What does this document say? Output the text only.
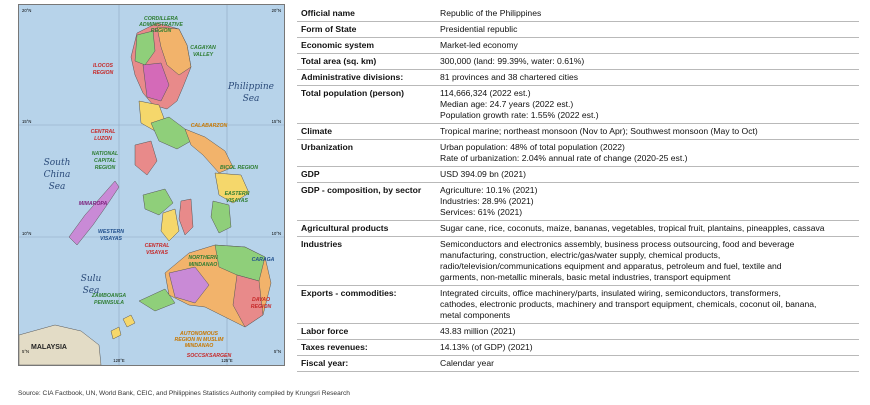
20°N	20°N
15°N	15°N
10°N	10°N
5°N	5°N
120°E	125°E
Philippine
Sea
South
China
Sea
Sulu
Sea
MALAYSIA
CORDILLERA
ADMINISTRATIVE
REGION
CAGAYAN
VALLEY
ILOCOS
REGION
CENTRAL
LUZON
NATIONAL
CAPITAL
REGION
CALABARZON
MIMAROPA
BICOL REGION
EASTERN
VISAYAS
WESTERN
VISAYAS
CENTRAL
VISAYAS
NORTHERN
MINDANAO
CARAGA
ZAMBOANGA
PENINSULA	DAVAO
REGION
AUTONOMOUS
REGION IN MUSLIM
MINDANAO
SOCCSKSARGEN
Official name	Republic of the Philippines

Form of State	Presidential republic

Economic system	Market-led economy

Total area (sq. km)	300,000 (land: 99.39%, water: 0.61%)

Administrative divisions:	81 provinces and 38 chartered cities

Total population (person)	114,666,324 (2022 est.)
Median age: 24.7 years (2022 est.)
Population growth rate: 1.55% (2022 est.)

Climate	Tropical marine; northeast monsoon (Nov to Apr); Southwest monsoon (May to Oct)

Urbanization	Urban population: 48% of total population (2022)
Rate of urbanization: 2.04% annual rate of change (2020-25 est.)

GDP	USD 394.09 bn (2021)

GDP - composition, by sector	Agriculture: 10.1% (2021)
Industries: 28.9% (2021)
Services: 61% (2021)

Agricultural products	Sugar cane, rice, coconuts, maize, bananas, vegetables, tropical fruit, plantains, pineapples, cassava

Industries	Semiconductors and electronics assembly, business process outsourcing, food and beverage
manufacturing, construction, electric/gas/water supply, chemical products,
radio/television/communications equipment and apparatus, petroleum and fuel, textile and
garments, non-metallic minerals, basic metal industries, transport equipment

Exports - commodities:	Integrated circuits, office machinery/parts, insulated wiring, semiconductors, transformers,
cathodes, electronic products, machinery and transport equipment, chemicals, coconut oil, banana,
metal components

Labor force	43.83 million (2021)

Taxes revenues:	14.13% (of GDP) (2021)

Fiscal year:	Calendar year
Source: CIA Factbook, UN, World Bank, CEIC, and Philippines Statistics Authority compiled by Krungsri Research
